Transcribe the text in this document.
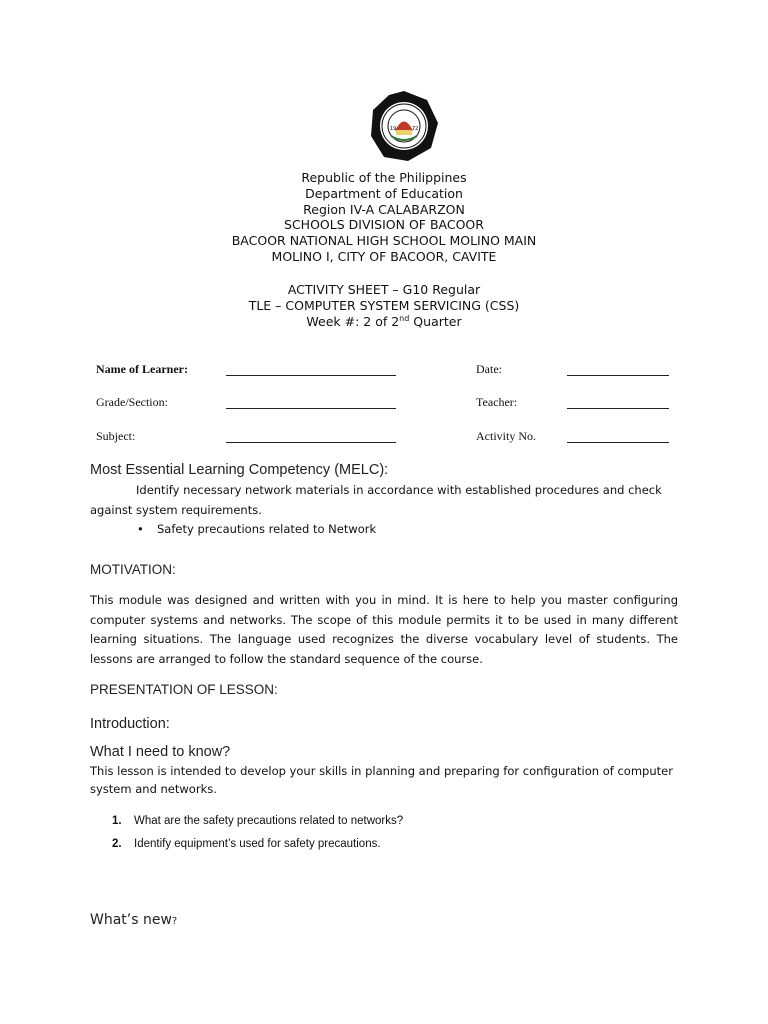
19	72
Republic of the Philippines
Department of Education
Region IV-A CALABARZON
SCHOOLS DIVISION OF BACOOR
BACOOR NATIONAL HIGH SCHOOL MOLINO MAIN
MOLINO I, CITY OF BACOOR, CAVITE
ACTIVITY SHEET – G10 Regular
TLE – COMPUTER SYSTEM SERVICING (CSS)
Week #: 2 of 2nd Quarter
Name of Learner:	Date:
Grade/Section:	Teacher:
Subject:	Activity No.
Most Essential Learning Competency (MELC):
Identify necessary network materials in accordance with established procedures and check against system requirements.
• Safety precautions related to Network
MOTIVATION:
This module was designed and written with you in mind. It is here to help you master configuring computer systems and networks. The scope of this module permits it to be used in many different learning situations. The language used recognizes the diverse vocabulary level of students. The lessons are arranged to follow the standard sequence of the course.
PRESENTATION OF LESSON:
Introduction:
What I need to know?
This lesson is intended to develop your skills in planning and preparing for configuration of computer system and networks.
1. What are the safety precautions related to networks?
2. Identify equipment’s used for safety precautions.
What’s new?
